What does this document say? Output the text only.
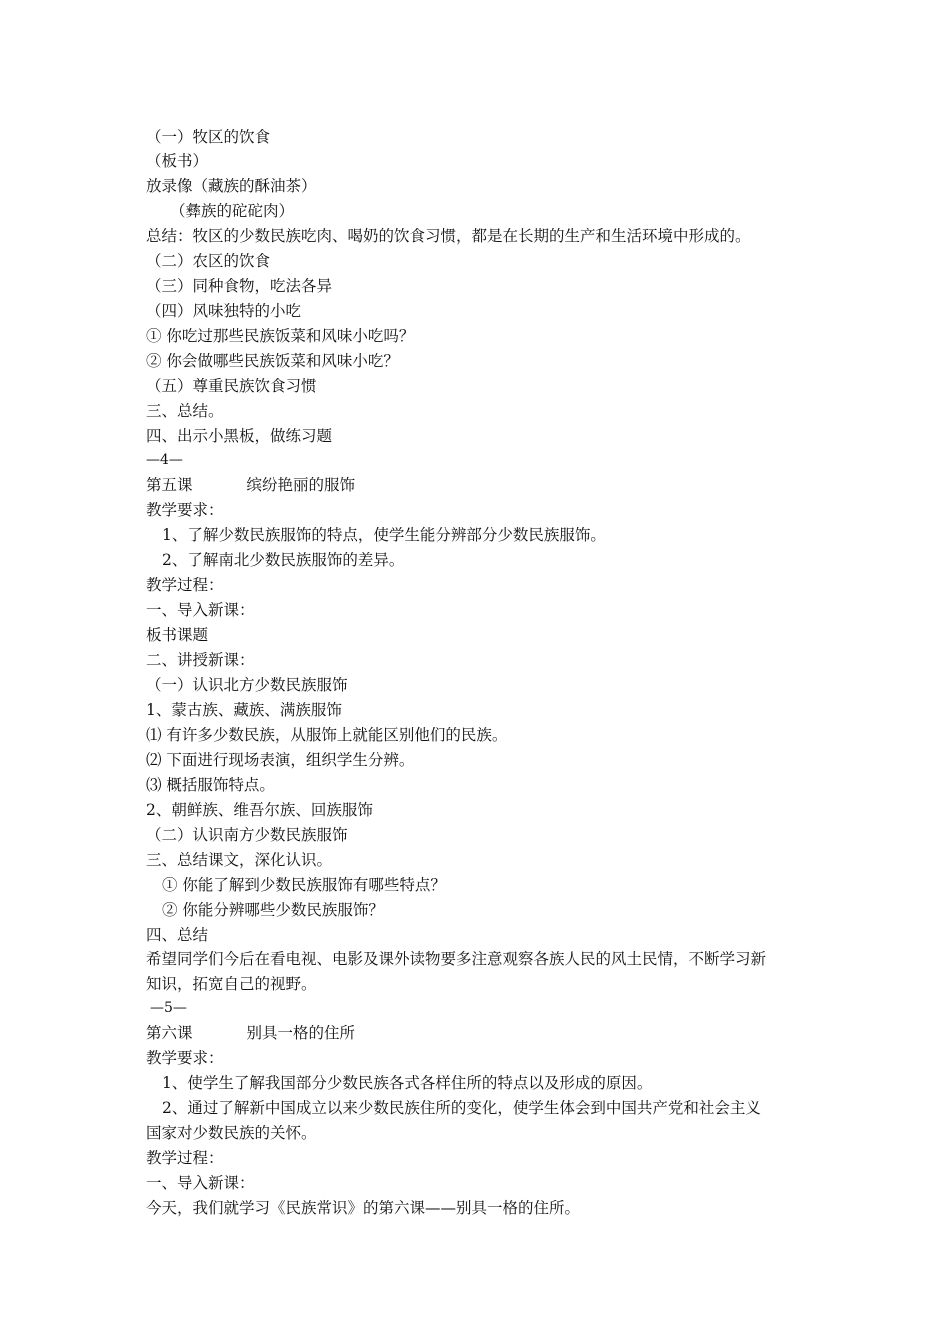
（一）牧区的饮食
（板书）
放录像（藏族的酥油茶）
（彝族的砣砣肉）
总结：牧区的少数民族吃肉、喝奶的饮食习惯，都是在长期的生产和生活环境中形成的。
（二）农区的饮食
（三）同种食物，吃法各异
（四）风味独特的小吃
① 你吃过那些民族饭菜和风味小吃吗？
② 你会做哪些民族饭菜和风味小吃？
（五）尊重民族饮食习惯
三、总结。
四、出示小黑板，做练习题
—4—
第五课	缤纷艳丽的服饰
教学要求：
1、了解少数民族服饰的特点，使学生能分辨部分少数民族服饰。
2、了解南北少数民族服饰的差异。
教学过程：
一、导入新课：
板书课题
二、讲授新课：
（一）认识北方少数民族服饰
1、蒙古族、藏族、满族服饰
⑴ 有许多少数民族，从服饰上就能区别他们的民族。
⑵ 下面进行现场表演，组织学生分辨。
⑶ 概括服饰特点。
2、朝鲜族、维吾尔族、回族服饰
（二）认识南方少数民族服饰
三、总结课文，深化认识。
① 你能了解到少数民族服饰有哪些特点？
② 你能分辨哪些少数民族服饰？
四、总结
希望同学们今后在看电视、电影及课外读物要多注意观察各族人民的风土民情，不断学习新
知识，拓宽自己的视野。
—5—
第六课	别具一格的住所
教学要求：
1、使学生了解我国部分少数民族各式各样住所的特点以及形成的原因。
2、通过了解新中国成立以来少数民族住所的变化，使学生体会到中国共产党和社会主义
国家对少数民族的关怀。
教学过程：
一、导入新课：
今天，我们就学习《民族常识》的第六课——别具一格的住所。
